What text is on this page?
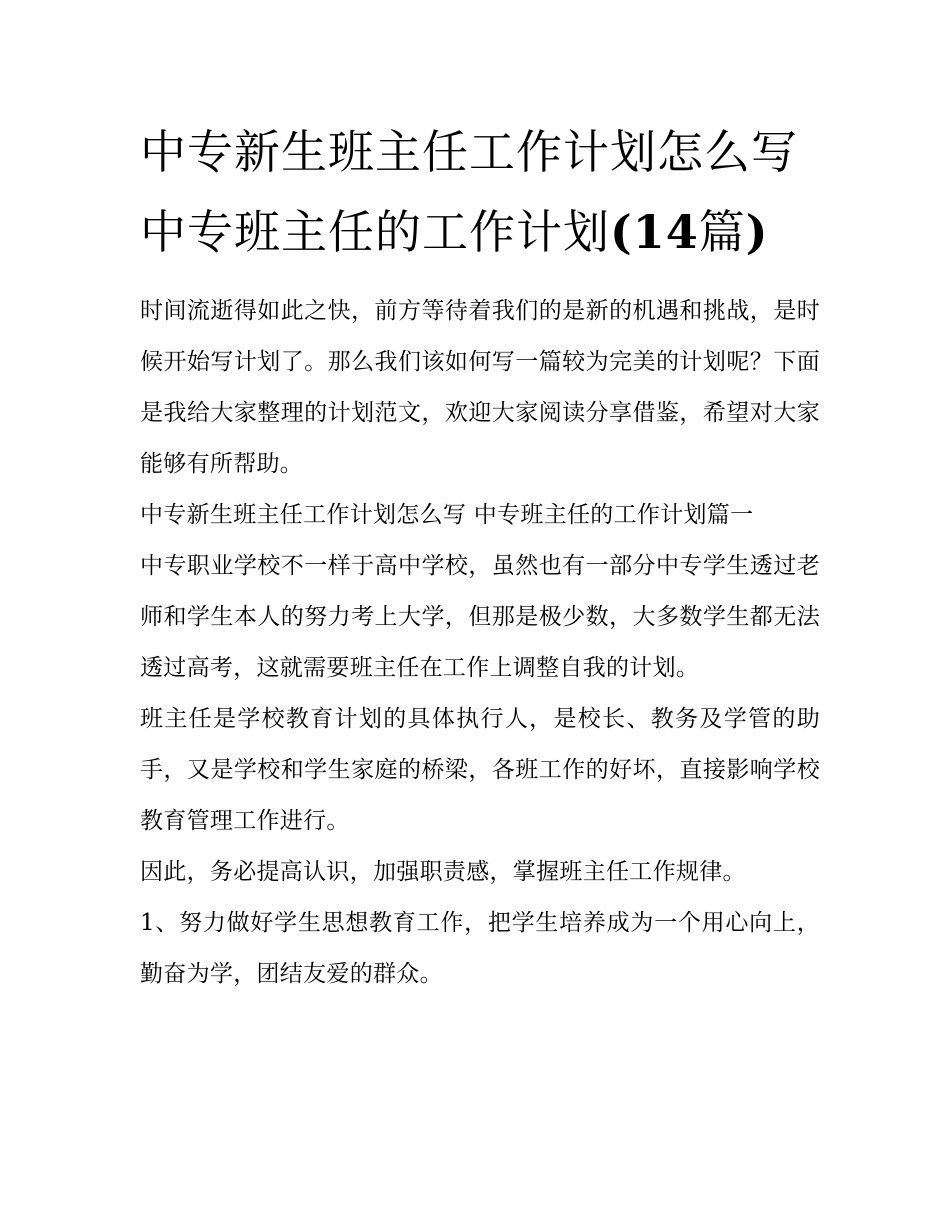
中专新生班主任工作计划怎么写 中专班主任的工作计划(14篇)

时间流逝得如此之快，前方等待着我们的是新的机遇和挑战，是时候开始写计划了。那么我们该如何写一篇较为完美的计划呢？下面是我给大家整理的计划范文，欢迎大家阅读分享借鉴，希望对大家能够有所帮助。

中专新生班主任工作计划怎么写 中专班主任的工作计划篇一

中专职业学校不一样于高中学校，虽然也有一部分中专学生透过老师和学生本人的努力考上大学，但那是极少数，大多数学生都无法透过高考，这就需要班主任在工作上调整自我的计划。

班主任是学校教育计划的具体执行人，是校长、教务及学管的助手，又是学校和学生家庭的桥梁，各班工作的好坏，直接影响学校教育管理工作进行。

因此，务必提高认识，加强职责感，掌握班主任工作规律。

1、努力做好学生思想教育工作，把学生培养成为一个用心向上，勤奋为学，团结友爱的群众。
